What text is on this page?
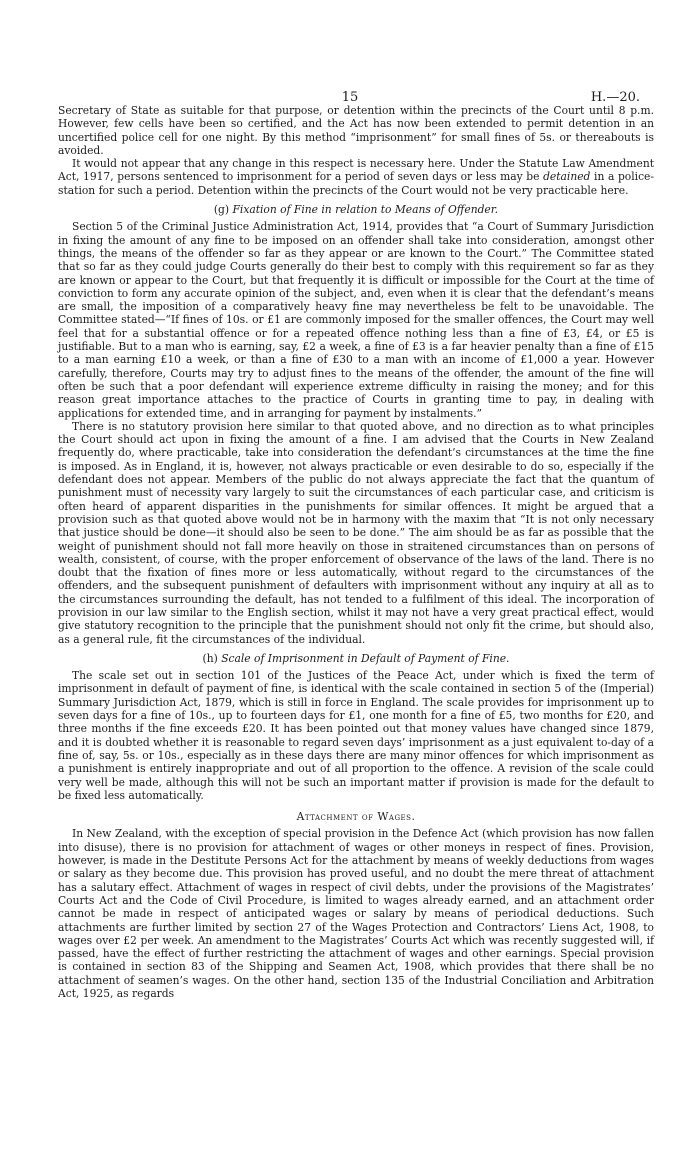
15	H.—20.

Secretary of State as suitable for that purpose, or detention within the precincts of the Court until 8 p.m. However, few cells have been so certified, and the Act has now been extended to permit detention in an uncertified police cell for one night. By this method “imprisonment” for small fines of 5s. or thereabouts is avoided.

It would not appear that any change in this respect is necessary here. Under the Statute Law Amendment Act, 1917, persons sentenced to imprisonment for a period of seven days or less may be detained in a police-station for such a period. Detention within the precincts of the Court would not be very practicable here.

(g) Fixation of Fine in relation to Means of Offender.

Section 5 of the Criminal Justice Administration Act, 1914, provides that “a Court of Summary Jurisdiction in fixing the amount of any fine to be imposed on an offender shall take into consideration, amongst other things, the means of the offender so far as they appear or are known to the Court.” The Committee stated that so far as they could judge Courts generally do their best to comply with this requirement so far as they are known or appear to the Court, but that frequently it is difficult or impossible for the Court at the time of conviction to form any accurate opinion of the subject, and, even when it is clear that the defendant’s means are small, the imposition of a comparatively heavy fine may nevertheless be felt to be unavoidable. The Committee stated—“If fines of 10s. or £1 are commonly imposed for the smaller offences, the Court may well feel that for a substantial offence or for a repeated offence nothing less than a fine of £3, £4, or £5 is justifiable. But to a man who is earning, say, £2 a week, a fine of £3 is a far heavier penalty than a fine of £15 to a man earning £10 a week, or than a fine of £30 to a man with an income of £1,000 a year. However carefully, therefore, Courts may try to adjust fines to the means of the offender, the amount of the fine will often be such that a poor defendant will experience extreme difficulty in raising the money; and for this reason great importance attaches to the practice of Courts in granting time to pay, in dealing with applications for extended time, and in arranging for payment by instalments.”

There is no statutory provision here similar to that quoted above, and no direction as to what principles the Court should act upon in fixing the amount of a fine. I am advised that the Courts in New Zealand frequently do, where practicable, take into consideration the defendant’s circumstances at the time the fine is imposed. As in England, it is, however, not always practicable or even desirable to do so, especially if the defendant does not appear. Members of the public do not always appreciate the fact that the quantum of punishment must of necessity vary largely to suit the circumstances of each particular case, and criticism is often heard of apparent disparities in the punishments for similar offences. It might be argued that a provision such as that quoted above would not be in harmony with the maxim that “It is not only necessary that justice should be done—it should also be seen to be done.” The aim should be as far as possible that the weight of punishment should not fall more heavily on those in straitened circumstances than on persons of wealth, consistent, of course, with the proper enforcement of observance of the laws of the land. There is no doubt that the fixation of fines more or less automatically, without regard to the circumstances of the offenders, and the subsequent punishment of defaulters with imprisonment without any inquiry at all as to the circumstances surrounding the default, has not tended to a fulfilment of this ideal. The incorporation of provision in our law similar to the English section, whilst it may not have a very great practical effect, would give statutory recognition to the principle that the punishment should not only fit the crime, but should also, as a general rule, fit the circumstances of the individual.

(h) Scale of Imprisonment in Default of Payment of Fine.

The scale set out in section 101 of the Justices of the Peace Act, under which is fixed the term of imprisonment in default of payment of fine, is identical with the scale contained in section 5 of the (Imperial) Summary Jurisdiction Act, 1879, which is still in force in England. The scale provides for imprisonment up to seven days for a fine of 10s., up to fourteen days for £1, one month for a fine of £5, two months for £20, and three months if the fine exceeds £20. It has been pointed out that money values have changed since 1879, and it is doubted whether it is reasonable to regard seven days’ imprisonment as a just equivalent to-day of a fine of, say, 5s. or 10s., especially as in these days there are many minor offences for which imprisonment as a punishment is entirely inappropriate and out of all proportion to the offence. A revision of the scale could very well be made, although this will not be such an important matter if provision is made for the default to be fixed less automatically.

Attachment of Wages.

In New Zealand, with the exception of special provision in the Defence Act (which provision has now fallen into disuse), there is no provision for attachment of wages or other moneys in respect of fines. Provision, however, is made in the Destitute Persons Act for the attachment by means of weekly deductions from wages or salary as they become due. This provision has proved useful, and no doubt the mere threat of attachment has a salutary effect. Attachment of wages in respect of civil debts, under the provisions of the Magistrates’ Courts Act and the Code of Civil Procedure, is limited to wages already earned, and an attachment order cannot be made in respect of anticipated wages or salary by means of periodical deductions. Such attachments are further limited by section 27 of the Wages Protection and Contractors’ Liens Act, 1908, to wages over £2 per week. An amendment to the Magistrates’ Courts Act which was recently suggested will, if passed, have the effect of further restricting the attachment of wages and other earnings. Special provision is contained in section 83 of the Shipping and Seamen Act, 1908, which provides that there shall be no attachment of seamen’s wages. On the other hand, section 135 of the Industrial Conciliation and Arbitration Act, 1925, as regards
